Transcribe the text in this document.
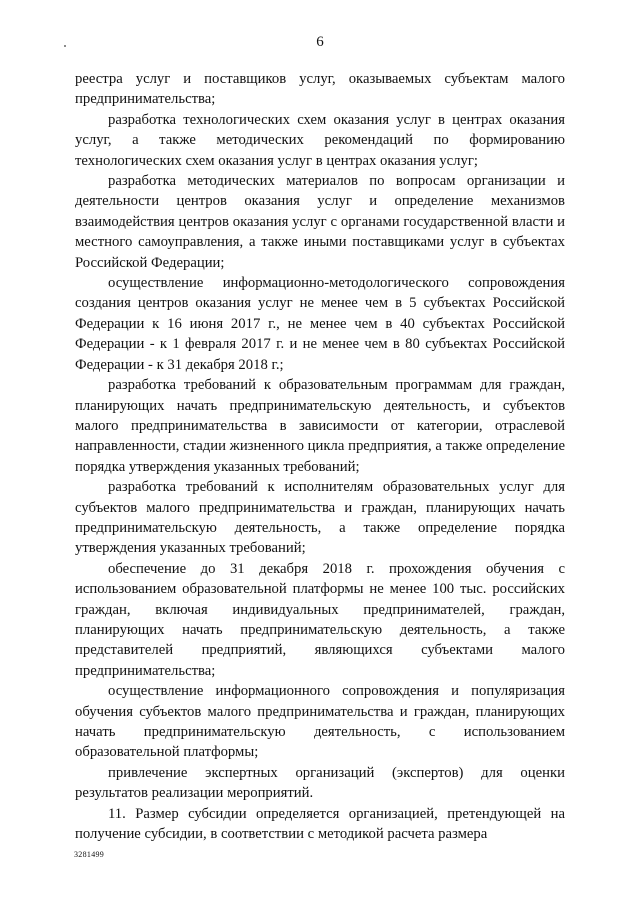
6

реестра услуг и поставщиков услуг, оказываемых субъектам малого предпринимательства;

разработка технологических схем оказания услуг в центрах оказания услуг, а также методических рекомендаций по формированию технологических схем оказания услуг в центрах оказания услуг;

разработка методических материалов по вопросам организации и деятельности центров оказания услуг и определение механизмов взаимодействия центров оказания услуг с органами государственной власти и местного самоуправления, а также иными поставщиками услуг в субъектах Российской Федерации;

осуществление информационно-методологического сопровождения создания центров оказания услуг не менее чем в 5 субъектах Российской Федерации к 16 июня 2017 г., не менее чем в 40 субъектах Российской Федерации - к 1 февраля 2017 г. и не менее чем в 80 субъектах Российской Федерации - к 31 декабря 2018 г.;

разработка требований к образовательным программам для граждан, планирующих начать предпринимательскую деятельность, и субъектов малого предпринимательства в зависимости от категории, отраслевой направленности, стадии жизненного цикла предприятия, а также определение порядка утверждения указанных требований;

разработка требований к исполнителям образовательных услуг для субъектов малого предпринимательства и граждан, планирующих начать предпринимательскую деятельность, а также определение порядка утверждения указанных требований;

обеспечение до 31 декабря 2018 г. прохождения обучения с использованием образовательной платформы не менее 100 тыс. российских граждан, включая индивидуальных предпринимателей, граждан, планирующих начать предпринимательскую деятельность, а также представителей предприятий, являющихся субъектами малого предпринимательства;

осуществление информационного сопровождения и популяризация обучения субъектов малого предпринимательства и граждан, планирующих начать предпринимательскую деятельность, с использованием образовательной платформы;

привлечение экспертных организаций (экспертов) для оценки результатов реализации мероприятий.

11. Размер субсидии определяется организацией, претендующей на получение субсидии, в соответствии с методикой расчета размера

3281499
